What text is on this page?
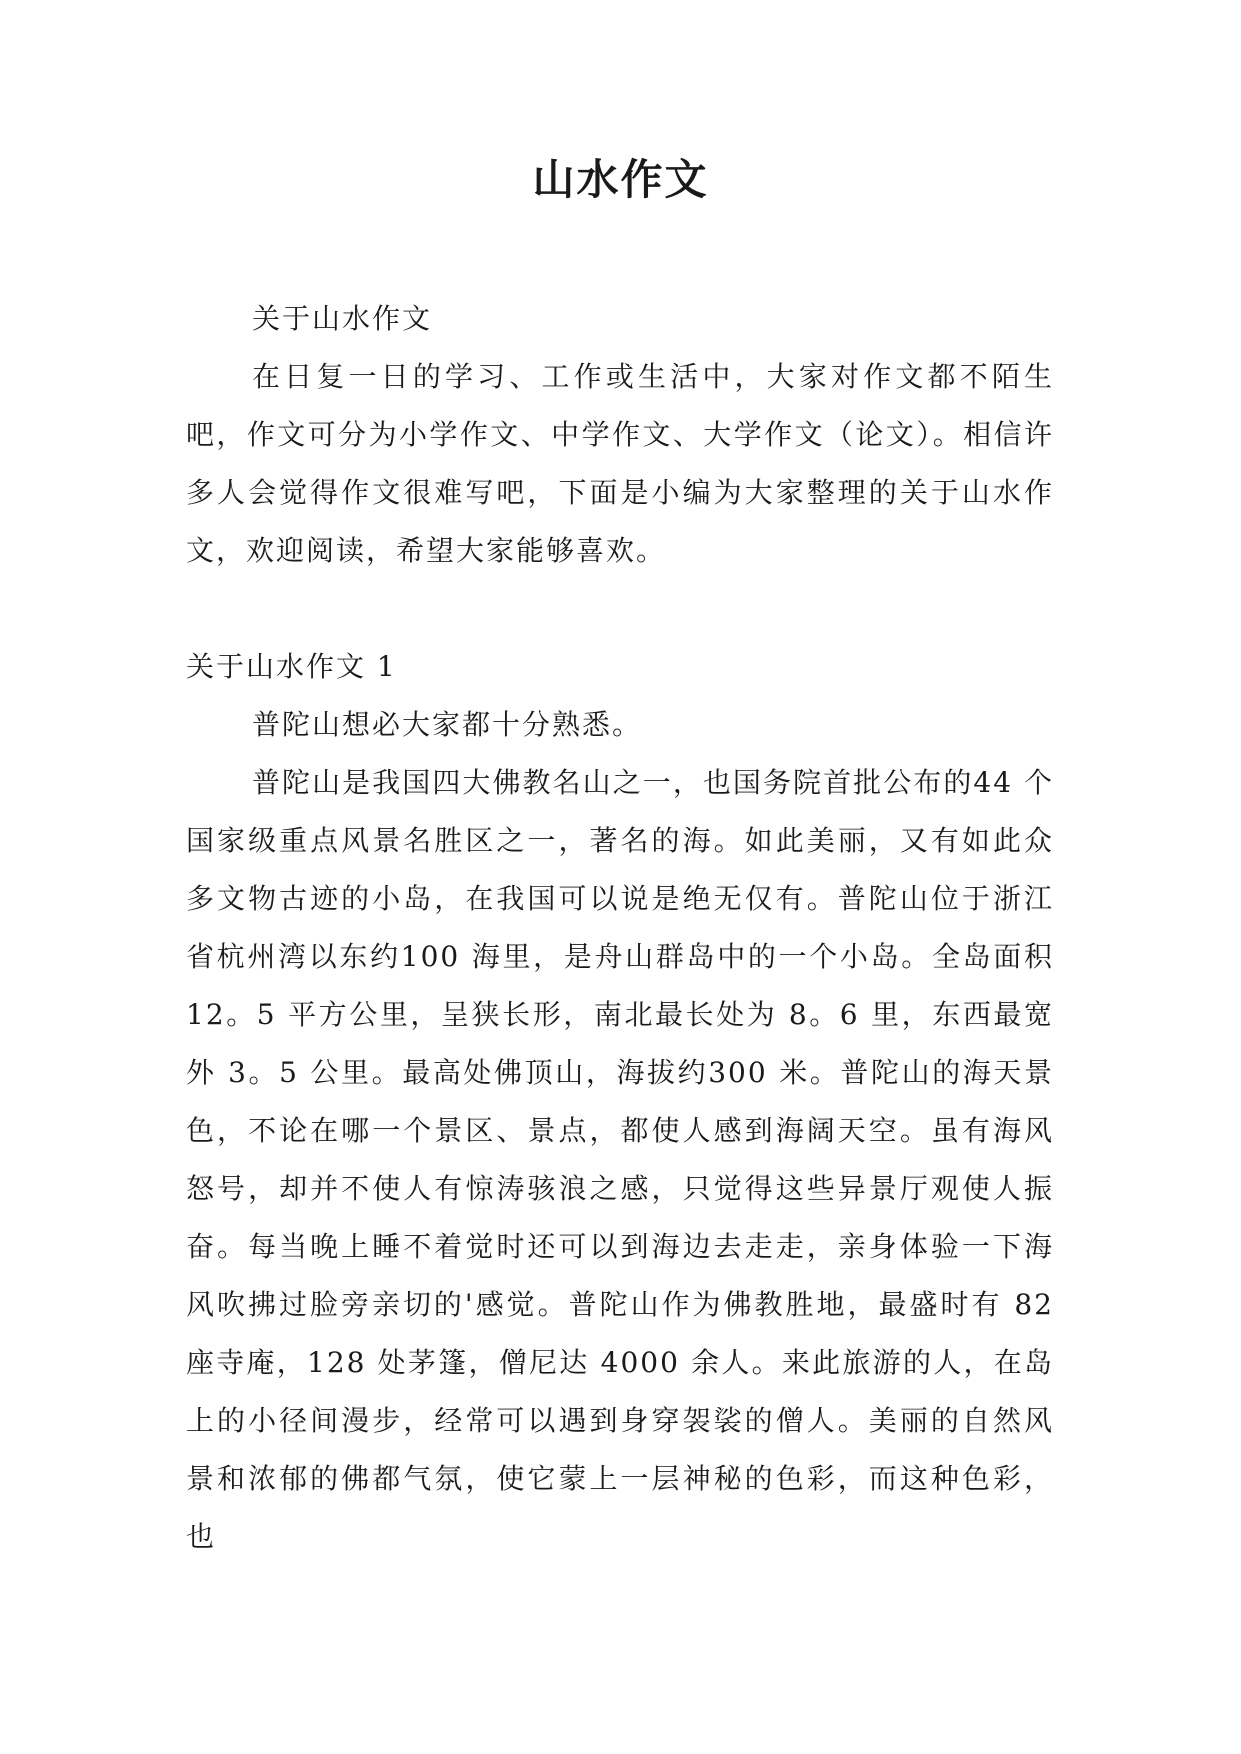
山水作文

关于山水作文

在日复一日的学习、工作或生活中，大家对作文都不陌生吧，作文可分为小学作文、中学作文、大学作文（论文）。相信许多人会觉得作文很难写吧，下面是小编为大家整理的关于山水作文，欢迎阅读，希望大家能够喜欢。

关于山水作文 1

普陀山想必大家都十分熟悉。

普陀山是我国四大佛教名山之一，也国务院首批公布的44 个国家级重点风景名胜区之一，著名的海。如此美丽，又有如此众多文物古迹的小岛，在我国可以说是绝无仅有。普陀山位于浙江省杭州湾以东约100 海里，是舟山群岛中的一个小岛。全岛面积 12。5 平方公里，呈狭长形，南北最长处为 8。6 里，东西最宽外 3。5 公里。最高处佛顶山，海拔约300 米。普陀山的海天景色，不论在哪一个景区、景点，都使人感到海阔天空。虽有海风怒号，却并不使人有惊涛骇浪之感，只觉得这些异景厅观使人振奋。每当晚上睡不着觉时还可以到海边去走走，亲身体验一下海风吹拂过脸旁亲切的'感觉。普陀山作为佛教胜地，最盛时有 82 座寺庵，128 处茅篷，僧尼达 4000 余人。来此旅游的人，在岛上的小径间漫步，经常可以遇到身穿袈裟的僧人。美丽的自然风景和浓郁的佛都气氛，使它蒙上一层神秘的色彩，而这种色彩，也
